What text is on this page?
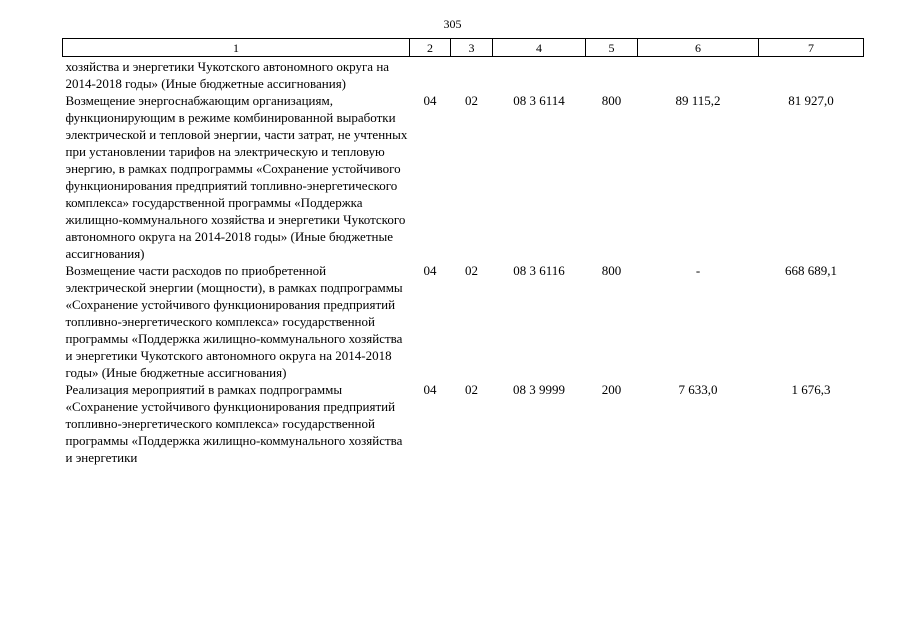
305
1	2	3	4	5	6	7
хозяйства и энергетики Чукотского автономного округа на 2014-2018 годы» (Иные бюджетные ассигнования)						
Возмещение энергоснабжающим организациям, функционирующим в режиме комбинированной выработки электрической и тепловой энергии, части затрат, не учтенных при установлении тарифов на электрическую и тепловую энергию, в рамках подпрограммы «Сохранение устойчивого функционирования предприятий топливно-энергетического комплекса» государственной программы «Поддержка жилищно-коммунального хозяйства и энергетики Чукотского автономного округа на 2014-2018 годы» (Иные бюджетные ассигнования)	04	02	08 3 6114	800	89 115,2	81 927,0
Возмещение части расходов по приобретенной электрической энергии (мощности), в рамках подпрограммы «Сохранение устойчивого функционирования предприятий топливно-энергетического комплекса» государственной программы «Поддержка жилищно-коммунального хозяйства и энергетики Чукотского автономного округа на 2014-2018 годы» (Иные бюджетные ассигнования)	04	02	08 3 6116	800	-	668 689,1
Реализация мероприятий в рамках подпрограммы «Сохранение устойчивого функционирования предприятий топливно-энергетического комплекса» государственной программы «Поддержка жилищно-коммунального хозяйства и энергетики	04	02	08 3 9999	200	7 633,0	1 676,3
